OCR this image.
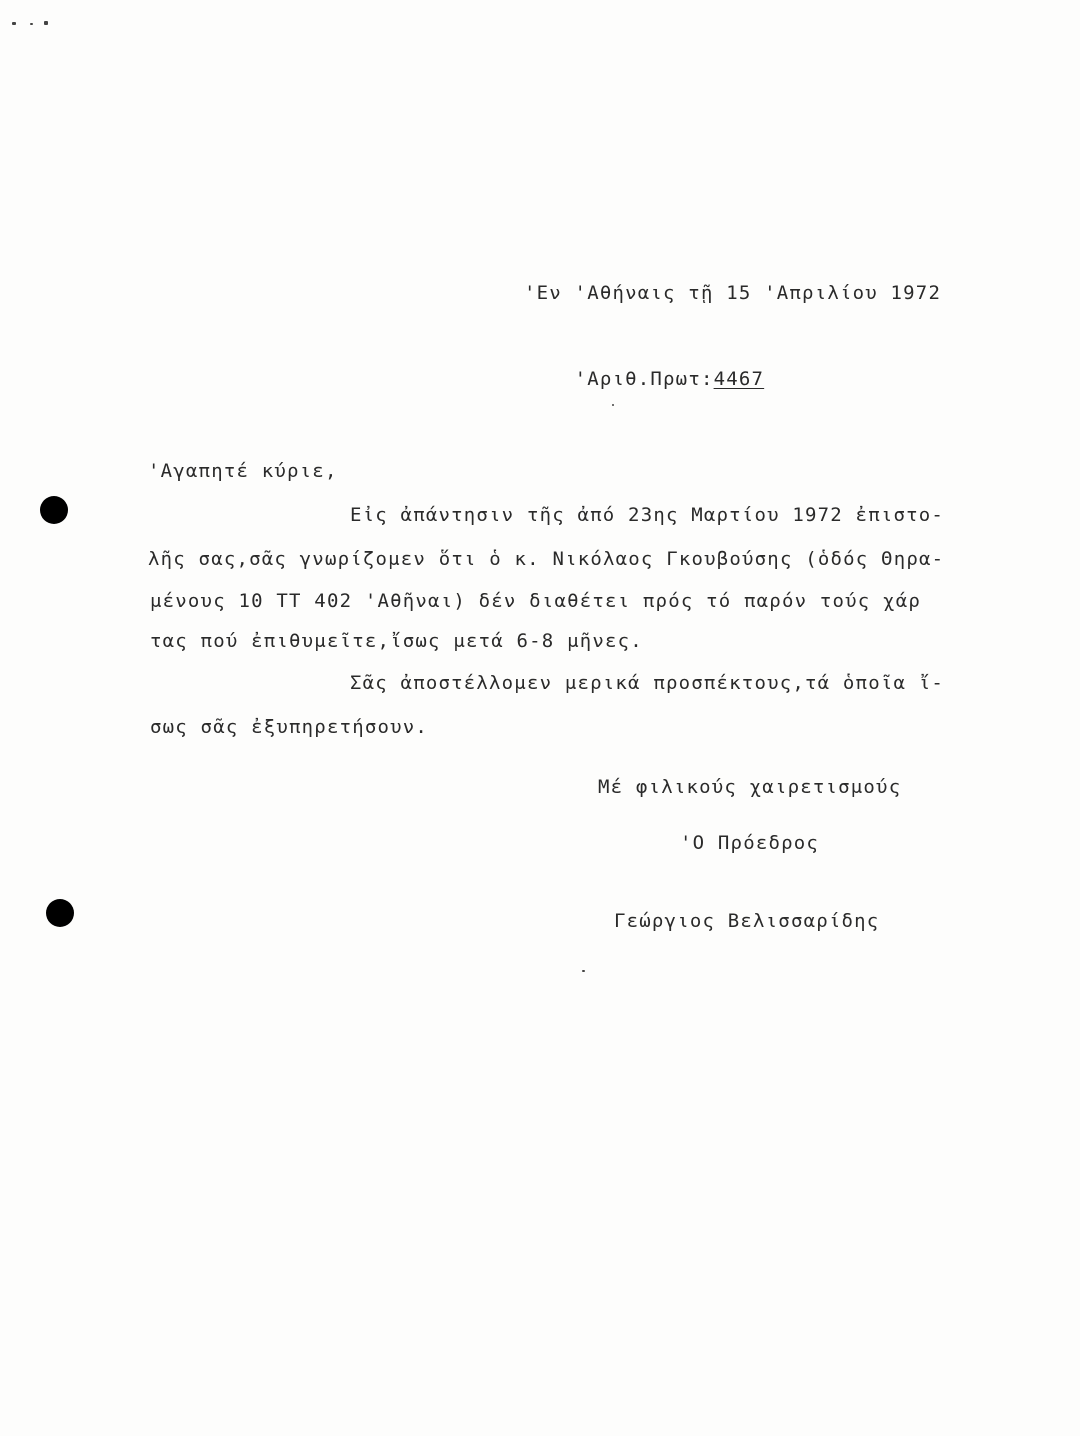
'Εν 'Αθήναις τῇ 15 'Απριλίου 1972

'Αριθ.Πρωτ:4467

'Αγαπητέ κύριε,
Εἰς ἀπάντησιν τῆς ἀπό 23ης Μαρτίου 1972 ἐπιστο-
λῆς σας,σᾶς γνωρίζομεν ὅτι ὁ κ. Νικόλαος Γκουβούσης (ὁδός Θηρα-
μένους 10 ΤΤ 402 'Αθῆναι) δέν διαθέτει πρός τό παρόν τούς χάρ
τας πού ἐπιθυμεῖτε,ἴσως μετά 6-8 μῆνες.
Σᾶς ἀποστέλλομεν μερικά προσπέκτους,τά ὁποῖα ἴ-
σως σᾶς ἐξυπηρετήσουν.
Μέ φιλικούς χαιρετισμούς
'Ο Πρόεδρος
Γεώργιος Βελισσαρίδης
